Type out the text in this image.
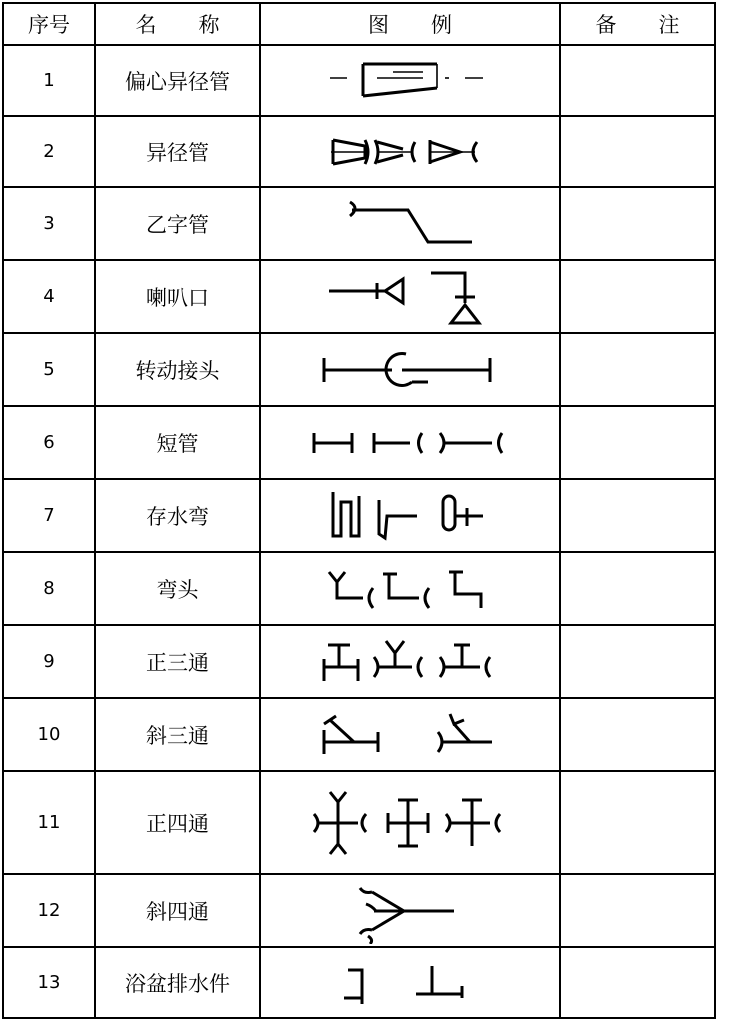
序号	名　　称	图　　例	备　　注
1	偏心异径管	

2	异径管	

3	乙字管	

4	喇叭口	

5	转动接头	

6	短管	

7	存水弯	

8	弯头	

9	正三通	

10	斜三通	

11	正四通	

12	斜四通	

13	浴盆排水件	
